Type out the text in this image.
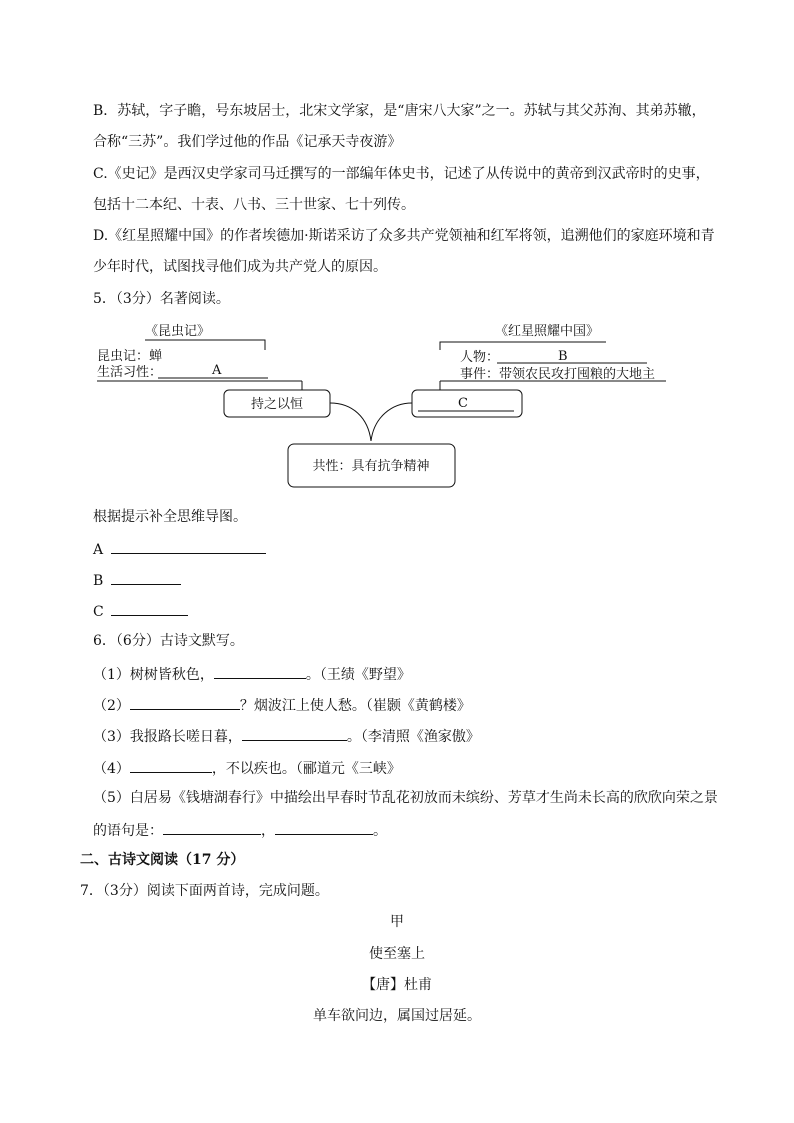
B．苏轼，字子瞻，号东坡居士，北宋文学家，是“唐宋八大家”之一。苏轼与其父苏洵、其弟苏辙，
合称“三苏”。我们学过他的作品《记承天寺夜游》
C.《史记》是西汉史学家司马迁撰写的一部编年体史书，记述了从传说中的黄帝到汉武帝时的史事，
包括十二本纪、十表、八书、三十世家、七十列传。
D.《红星照耀中国》的作者埃德加·斯诺采访了众多共产党领袖和红军将领，追溯他们的家庭环境和青
少年时代，试图找寻他们成为共产党人的原因。
5．（3分）名著阅读。
《昆虫记》
昆虫记：蝉
生活习性：	A
持之以恒
《红星照耀中国》
人物：	B
事件：带领农民攻打囤粮的大地主
C
共性：具有抗争精神
根据提示补全思维导图。
A
B
C
6．（6分）古诗文默写。
（1）树树皆秋色，	。（王绩《野望》
（2）	？烟波江上使人愁。（崔颢《黄鹤楼》
（3）我报路长嗟日暮，	。（李清照《渔家傲》
（4）	，不以疾也。（郦道元《三峡》
（5）白居易《钱塘湖春行》中描绘出早春时节乱花初放而未缤纷、芳草才生尚未长高的欣欣向荣之景
的语句是：	，	。
二、古诗文阅读（17 分）
7．（3分）阅读下面两首诗，完成问题。
甲
使至塞上
【唐】杜甫
单车欲问边，属国过居延。
